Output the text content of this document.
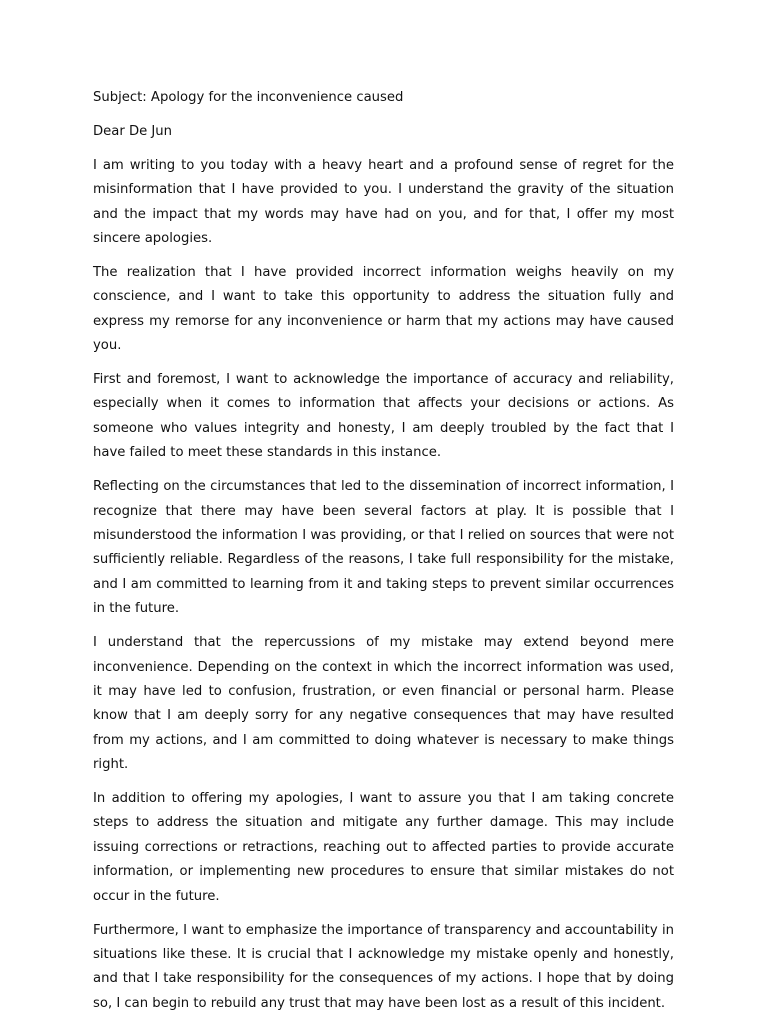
Subject: Apology for the inconvenience caused

Dear De Jun

I am writing to you today with a heavy heart and a profound sense of regret for the misinformation that I have provided to you. I understand the gravity of the situation and the impact that my words may have had on you, and for that, I offer my most sincere apologies.

The realization that I have provided incorrect information weighs heavily on my conscience, and I want to take this opportunity to address the situation fully and express my remorse for any inconvenience or harm that my actions may have caused you.

First and foremost, I want to acknowledge the importance of accuracy and reliability, especially when it comes to information that affects your decisions or actions. As someone who values integrity and honesty, I am deeply troubled by the fact that I have failed to meet these standards in this instance.

Reflecting on the circumstances that led to the dissemination of incorrect information, I recognize that there may have been several factors at play. It is possible that I misunderstood the information I was providing, or that I relied on sources that were not sufficiently reliable. Regardless of the reasons, I take full responsibility for the mistake, and I am committed to learning from it and taking steps to prevent similar occurrences in the future.

I understand that the repercussions of my mistake may extend beyond mere inconvenience. Depending on the context in which the incorrect information was used, it may have led to confusion, frustration, or even financial or personal harm. Please know that I am deeply sorry for any negative consequences that may have resulted from my actions, and I am committed to doing whatever is necessary to make things right.

In addition to offering my apologies, I want to assure you that I am taking concrete steps to address the situation and mitigate any further damage. This may include issuing corrections or retractions, reaching out to affected parties to provide accurate information, or implementing new procedures to ensure that similar mistakes do not occur in the future.

Furthermore, I want to emphasize the importance of transparency and accountability in situations like these. It is crucial that I acknowledge my mistake openly and honestly, and that I take responsibility for the consequences of my actions. I hope that by doing so, I can begin to rebuild any trust that may have been lost as a result of this incident.
